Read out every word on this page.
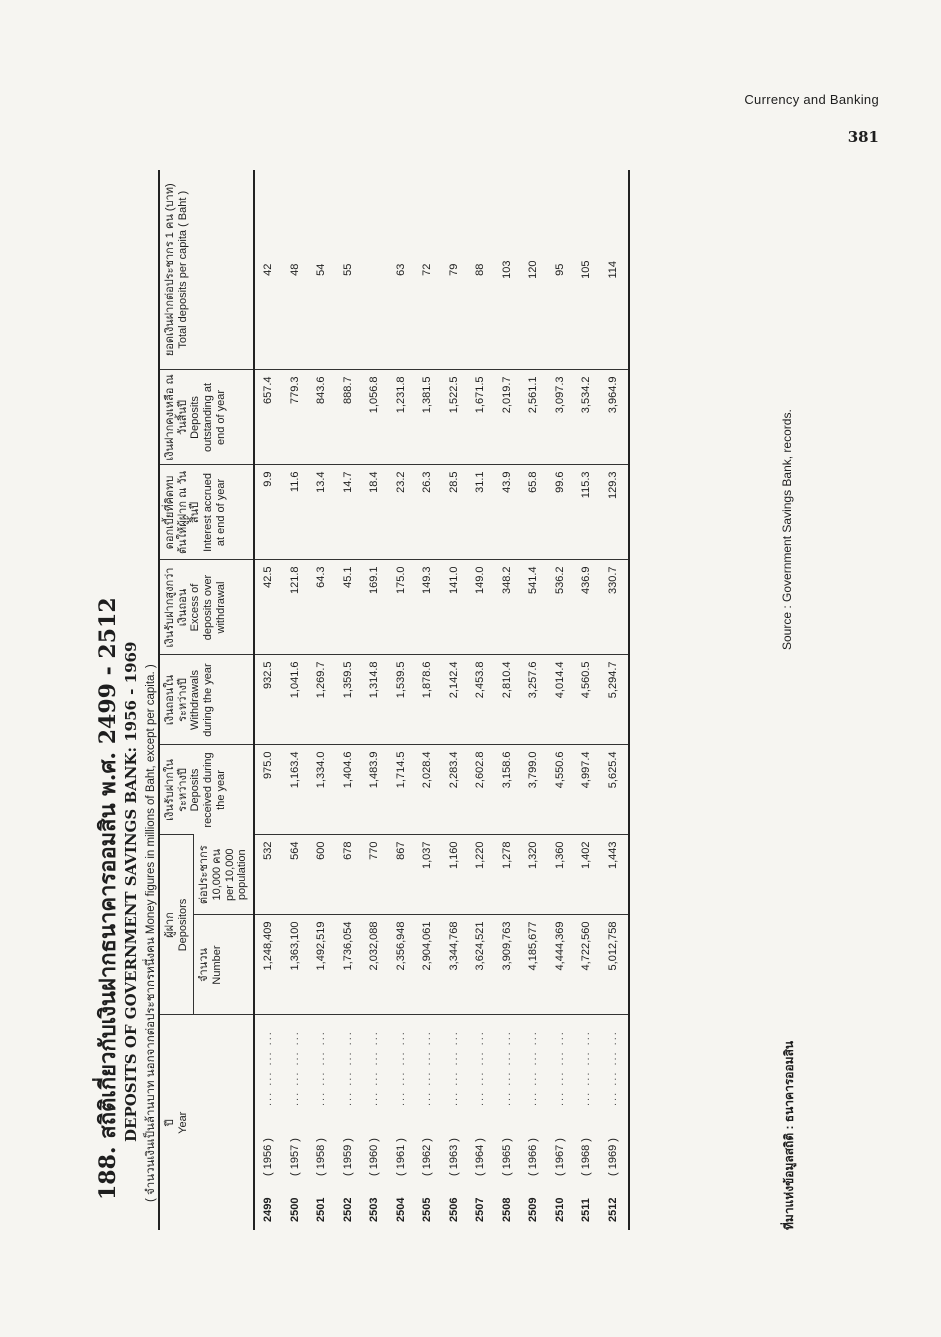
Currency and Banking
381
188. สถิติเกี่ยวกับเงินฝากธนาคารออมสิน พ.ศ. 2499 - 2512 DEPOSITS OF GOVERNMENT SAVINGS BANK: 1956 - 1969 ( จำนวนเงินเป็นล้านบาท นอกจากต่อประชากรหนึ่งคน Money figures in millions of Baht, except per capita. ) ปี Year	ผู้ฝาก Depositors		เงินรับฝากในระหว่างปี Deposits received during the year	เงินถอนในระหว่างปี Withdrawals during the year	เงินรับฝากสูงกว่าเงินถอน Excess of deposits over withdrawal	ดอกเบี้ยที่คิดทบต้นให้ผู้ฝาก ณ วันสิ้นปี Interest accrued at end of year	เงินฝากคงเหลือ ณ วันสิ้นปี Deposits outstanding at end of year	ยอดเงินฝากต่อประชากร 1 คน (บาท) Total deposits per capita ( Baht )

	จำนวน Number	ต่อประชากร 10,000 คน per 10,000 population						

2499( 1956 )... ... ... ...	1,248,409	532	975.0	932.5	42.5	9.9	657.4	42
2500( 1957 )... ... ... ...	1,363,100	564	1,163.4	1,041.6	121.8	11.6	779.3	48
2501( 1958 )... ... ... ...	1,492,519	600	1,334.0	1,269.7	64.3	13.4	843.6	54
2502( 1959 )... ... ... ...	1,736,054	678	1,404.6	1,359.5	45.1	14.7	888.7	55
2503( 1960 )... ... ... ...	2,032,088	770	1,483.9	1,314.8	169.1	18.4	1,056.8	
2504( 1961 )... ... ... ...	2,356,948	867	1,714.5	1,539.5	175.0	23.2	1,231.8	63
2505( 1962 )... ... ... ...	2,904,061	1,037	2,028.4	1,878.6	149.3	26.3	1,381.5	72
2506( 1963 )... ... ... ...	3,344,768	1,160	2,283.4	2,142.4	141.0	28.5	1,522.5	79
2507( 1964 )... ... ... ...	3,624,521	1,220	2,602.8	2,453.8	149.0	31.1	1,671.5	88
2508( 1965 )... ... ... ...	3,909,763	1,278	3,158.6	2,810.4	348.2	43.9	2,019.7	103
2509( 1966 )... ... ... ...	4,185,677	1,320	3,799.0	3,257.6	541.4	65.8	2,561.1	120
2510( 1967 )... ... ... ...	4,444,369	1,360	4,550.6	4,014.4	536.2	99.6	3,097.3	95
2511( 1968 )... ... ... ...	4,722,560	1,402	4,997.4	4,560.5	436.9	115.3	3,534.2	105
2512( 1969 )... ... ... ...	5,012,758	1,443	5,625.4	5,294.7	330.7	129.3	3,964.9	114
ที่มาแห่งข้อมูลสถิติ : ธนาคารออมสิน
Source : Government Savings Bank, records.
